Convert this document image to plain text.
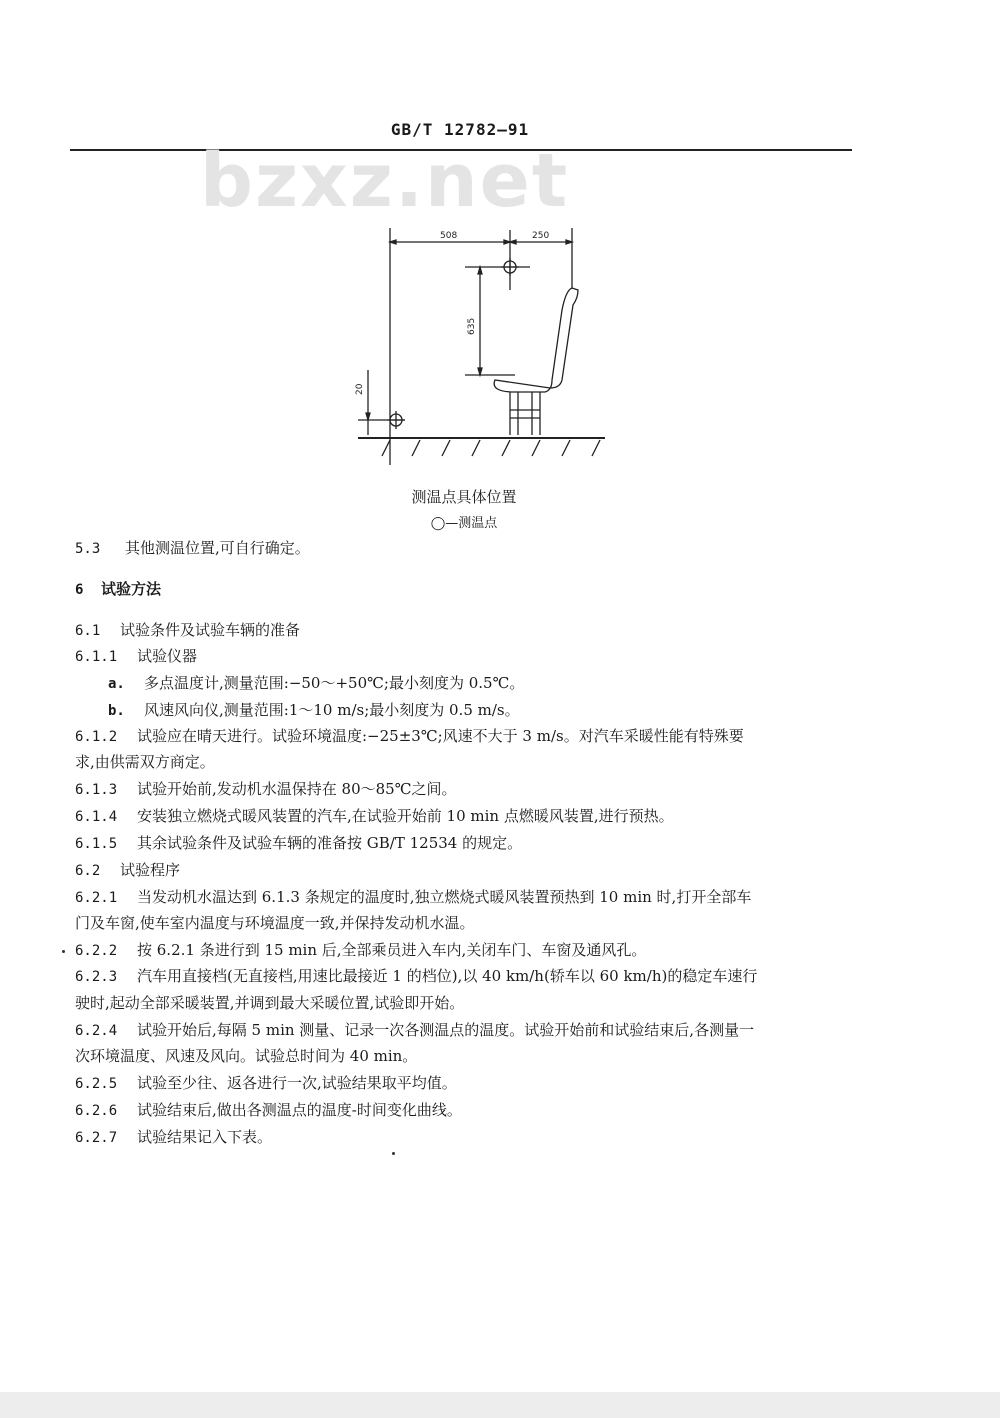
GB/T 12782—91
bzxz.net
508	250
635
20
测温点具体位置
◯—测温点
5.3 其他测温位置,可自行确定。
6 试验方法
6.1 试验条件及试验车辆的准备
6.1.1 试验仪器
a. 多点温度计,测量范围:−50～+50℃;最小刻度为 0.5℃。
b. 风速风向仪,测量范围:1～10 m/s;最小刻度为 0.5 m/s。
6.1.2 试验应在晴天进行。试验环境温度:−25±3℃;风速不大于 3 m/s。对汽车采暖性能有特殊要
求,由供需双方商定。
6.1.3 试验开始前,发动机水温保持在 80～85℃之间。
6.1.4 安装独立燃烧式暖风装置的汽车,在试验开始前 10 min 点燃暖风装置,进行预热。
6.1.5 其余试验条件及试验车辆的准备按 GB/T 12534 的规定。
6.2 试验程序
6.2.1 当发动机水温达到 6.1.3 条规定的温度时,独立燃烧式暖风装置预热到 10 min 时,打开全部车
门及车窗,使车室内温度与环境温度一致,并保持发动机水温。
6.2.2 按 6.2.1 条进行到 15 min 后,全部乘员进入车内,关闭车门、车窗及通风孔。
6.2.3 汽车用直接档(无直接档,用速比最接近 1 的档位),以 40 km/h(轿车以 60 km/h)的稳定车速行
驶时,起动全部采暖装置,并调到最大采暖位置,试验即开始。
6.2.4 试验开始后,每隔 5 min 测量、记录一次各测温点的温度。试验开始前和试验结束后,各测量一
次环境温度、风速及风向。试验总时间为 40 min。
6.2.5 试验至少往、返各进行一次,试验结果取平均值。
6.2.6 试验结束后,做出各测温点的温度-时间变化曲线。
6.2.7 试验结果记入下表。
